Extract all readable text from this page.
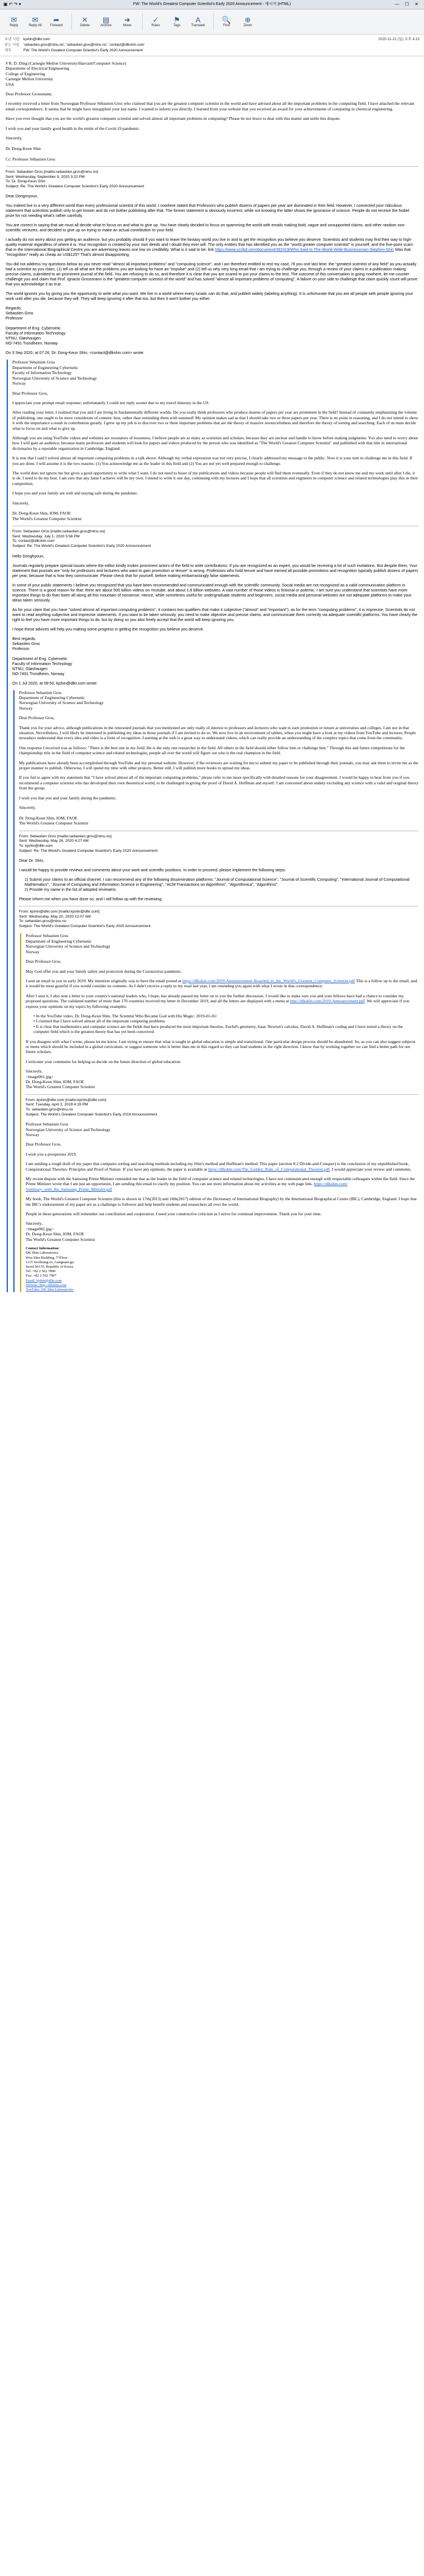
▣ ↶ ↷ ▾	FW: The World's Greatest Computer Scientist's Early 2020 Announcement - 메시지 (HTML)	— ☐ ✕
✉
Reply
✉
Reply All
➦
Forward
✕
Delete
▤
Archive
➜
Move
✓
Rules
⚑
Tags
A
Translate
🔍
Find
⊕
Zoom
보낸 사람	kjshin@dlkr.com
받는 사람	'sebastien.gros@ntnu.no'; 'sebastien.gros@ntnu.no'; 'contact@dlkshin.com'
제목	FW: The World's Greatest Computer Scientist's Early 2020 Announcement
2020-11-22 (일) 오후 4:15
# R. D. Ding (Carnegie Mellon University/Harvard/Computer Science)
Department of Electrical Engineering
College of Engineering
Carnegie Mellon University
USA

Dear Professor Grossmann,

I recently received a letter from Norwegian Professor Sébastien Gros who claimed that you are the greatest computer scientist in the world and have advised about all the important problems in the computing field. I have attached the relevant email correspondence. It seems that he might have misapplied your last name. I wanted to inform you directly. I learned from your website that you received an award for your achievements of computing in chemical engineering.

Have you ever thought that you are the world's greatest computer scientist and solved almost all important problems in computing? Please be not brave to deal with this matter and settle this dispute.

I wish you and your family good health in the midst of the Covid-19 pandemic.

Sincerely,

Dr. Dong-Keun Shin

Cc: Professor Sébastien Gros
From: Sebastien Gros [mailto:sebastien.gros@ntnu.no]
Sent: Wednesday, September 9, 2020 3:22 PM
To: Dr. Dong-Keun Shin
Subject: Re: The World's Greatest Computer Scientist's Early 2020 Announcement

Dear Dongmyoun,

You indeed live in a very different world than every professional scientist of this world. I nowhere stated that Professors who publish dozens of papers per year are dominated in their field. However, I connected your ridiculous statement that scientists publish only to get known and do not bother publishing after that. The former statement is obviously incorrect, while not knowing the latter shows the ignorance of science. People do not receive the Nobel prize for not needing what's rather carefully.

You are correct in saying that we must all decide what to focus on and what to give up. You have clearly decided to focus on spamming the world with emails making bold, vague and unsupported claims, and other random non-scientific ventures, and decided to give up on trying to make an actual contribution to your field.

I actually do not worry about you getting an audience, but you probably should if you want to leave the fantasy world you live in and to get the recognition you believe you deserve. Scientists and students may find their way to high-quality material regardless of where it is. Your recognition is created by your own deeds and I doubt they ever will. The only entities that has identified you as the "world greater computer scientist" is yourself, and the five-point scam that in the International Biographical Centre you are advertising leaves one low on credibility. What is it said to be: link https://www.scribd.com/document/392419/Who-Said-Is-The-World-Wide-Businessman-Stephen-Shin Was that "recognition" really as cheap as US$125? That's almost disappointing.

You did not address my questions below as you never read "almost all important problems" and "computing science", and I am therefore entitled to rest my case. I'll you one last time: the "greatest scientist of any field" as you actually had a scientist as you claim, (1) tell us all what are the problems you are looking for have an "impulse" and (2) tell us why very long email that I am trying to challenge you, through a review of your claims in a publication making precise claims, submitted to an prominent journal of the field. You are refusing to do so, and therefore it is clear that you are scared to put your claims to the test. The outcome of this conversation is going nowhere, let me counter-challenge you and claim that Prof. Ignacio Grossmann is the "greatest computer scientist of the world" and has solved "almost all important problems of computing". A failure on your side to challenge that claim quickly count will prove that you acknowledge it as true.

The world ignores you by giving you the opportunity to write what you want. We live in a world where every lunatic can do that, and publish widely (labeling anything). It is unfortunate that you are all people with people ignoring your work until after you die, because they will. They will keep ignoring it after that too, but then it won't bother you either.

Regards,
Sebastien Gros
Professor

Department of Eng. Cybernetic
Faculty of Information Technology
NTNU, Gløshaugen
NO-7491 Trondheim, Norway

On 3 Sep 2020, at 07:26, Dr. Dong-Keun Shin, <contact@dlkshin.com> wrote:

Professor Sebastien Gros

Department of Engineering Cybernetic
Faculty of Information Technology
Norwegian University of Science and Technology
Norway

Dear Professor Gros,

I appreciate your prompt email response; unfortunately I could not reply sooner due to my travel itinerary in the US.

After reading your letter, I realized that you and I are living in fundamentally different worlds. Do you really think professors who produce dozens of papers per year are prominent in the field? Instead of constantly emphasizing the volume of publishing, one ought to be more considerate of content: best, rather than reminding them with summed! My opinion makes sad as that I should take two or three papers per year. There is no point in reasoning, and I do not intend to show it with the importance a result in contribution greatly. I grew up my job is to discover two or three important problems that are the theory of massive resourcefulness and therefore the theory of sorting and searching. Each of us must decide what to focus on and what to give up.

Although you are using YouTube videos and websites are resonators of looseness, I believe people are as many as scientists and scholars, because they are unclear and handle to know before making judgments. You also need to worry about how I will gain an audience, because many professors and students will look for papers and videos produced by the person who was identified as "The World's Greatest Computer Scientist" and published with that title in international dictionaries by a reputable organization in Cambridge, England.

It is true that I said I solved almost all important computing problems in a talk above. Although my verbal expression was not very precise, I clearly addressed my message to the public. Now it is your turn to challenge me in this field. If you are done, I will assume it is the two reasons: (1) You acknowledge me as the leader in this field and (2) You are not yet well prepared enough to challenge.

The world does not ignore me but gives a good opportunity to write what I want. I do not need to boast of my publications and videos because people will find them eventually. Even if they do not know me and my work until after I die, it is ok. I need to do my best. I am sure that any fame I achieve will be my own. I intend to write it one day, continuing with my lectures and I hope that all scientists and engineers in computer science and related technologies play this in their competition.

I hope you and your family are well and staying safe during the pandemic.

Sincerely,

Dr. Dong-Keun Shin, IOM, FAOE
The World's Greatest Computer Scientist
From: Sebastien Gros [mailto:sebastien.gros@ntnu.no]
Sent: Wednesday, July 1, 2020 5:56 PM
To: contact@dlkshin.com
Subject: Re: The World's Greatest Computer Scientist's Early 2020 Announcement

Hello Donghyoun,

Journals regularly prepare special issues where the editor kindly invites prominent actors of the field to write contributions. If you are recognized as an expert, you would be receiving a lot of such invitations. But despite them, Your statement that journals are "only for professors and lecturers who want to gain promotion or tenure" is wrong. Professors who hold tenure and have earned all possible promotions and recognition typically publish dozens of papers per year, because that is how they communicate. Please check that for yourself, before making embarrassingly false statements.

In some of your public statements I believe you recognized that you have been recommended and communicated enough with the scientific community. Social media are not recognized as a valid communication platform in science. There is a good reason for that: there are about 500 billion videos on Youtube, and about 1.8 billion websites. A vast number of those videos is fictional or polemic. I am sure you understand that scientists have more important things to do than listen all along all this mountain of nonsense. Hence, while sometimes useful for undergraduate students and beginners, social media and personal websites are not adequate platforms to make your ideas taken seriously.

As for your claim that you have "solved almost all important computing problems", it contains two qualifiers that make it subjective ("almost" and "important"), as for the term "computing problems", it is imprecise. Scientists do not want to read anything subjective and imprecise statements. If you want to be taken seriously, you need to make objective and precise claims, and communicate them correctly via adequate scientific platforms. You have clearly the right to feel you have more important things to do, but by doing so you also freely accept that the world will keep ignoring you.

I hope these advices will help you making some progress in getting the recognition you believe you deserve.

Best regards,
Sebastien Gros
Professor

Department of Eng. Cybernetic
Faculty of Information Technology
NTNU, Gløshaugen
NO-7491 Trondheim, Norway

On 1 Jul 2020, at 09:50, kjshin@dlkr.com wrote:

Professor Sebastien Gros

Department of Engineering Cybernetic
Norwegian University of Science and Technology
Norway

Dear Professor Gros,

Thank you for your advice, although publications in the renowned journals that you mentioned are only really of interest to professors and lecturers who want to earn promotion or tenure at universities and colleges. I am not in that situation. Nevertheless, I will likely be interested in publishing my ideas in those journals if I am invited to do so. We now live in an environment of tablets, when you might have a look at my videos from YouTube and lectures. People nowadays understand that every idea and video is a form of recognition. Learning at the web is a great way to understand videos, which can really provide an understanding of the complex topics that come from the community.

One response I received was as follows: "There is the best one in my field. He is the only one researcher in the field. All others in the field should either follow him or challenge him." Through this and future competitions for the championship title in the field of computer science and related technologies, people all over the world will figure out who is the real champion in the field.

My publications have already been accomplished through YouTube and my personal website. However, if the reviewers are waiting for me to submit my paper to be published through their journals, you may ask them to invite me as the proper manner to publish. Otherwise, I will spend my time with other projects. Better still, I will publish more books to spread my ideas.

If you fail to agree with my statement that "I have solved almost all of the important computing problems," please refer to me more specifically with detailed reasons for your disagreement. I would be happy to hear from you if you recommend a computer scientist who has developed their own theoretical world, to be challenged in giving the proof of David A. Huffman and myself. I am concerned about unduly excluding any science with a valid and original theory from the group.

I wish you that you and your family during the pandemic.

Sincerely,

Dr. Dong-Keun Shin, IOM, FAOE
The World's Greatest Computer Scientist
From: Sebastien Gros [mailto:sebastien.gros@ntnu.no]
Sent: Wednesday, May 26, 2020 4:27 AM
To: kjshin@dlkr.com
Subject: Re: The World's Greatest Computer Scientist's Early 2020 Announcement

Dear Dr. Shin,

I would be happy to provide reviews and comments about your work and scientific positions. In order to proceed, please implement the following steps:

1) Submit your claims to an official channel. I can recommend any of the following dissemination platforms: "Journal of Computational Science", "Journal of Scientific Computing", "International Journal of Computational Mathematics", "Journal of Computing and Information Science in Engineering", "ACM Transactions on Algorithms", "Algorithmica", "Algorithms".
2) Provide my name in the list of adopted reviewers.

Please inform me when you have done so, and I will follow up with the reviewing.

From: kjshin@dlkr.com [mailto:kjshin@dlkr.com]
Sent: Wednesday, May 20, 2020 12:07 AM
To: sebastien.gros@ntnu.no
Subject: The World's Greatest Computer Scientist's Early 2020 Announcement

Professor Sebastien Gros

Department of Engineering Cybernetic
Norwegian University of Science and Technology
Norway

Dear Professor Gros,

May God offer you and your family safety and protection during the Coronavirus pandemic.

I sent an email to you in early 2019. My intention originally was to have the email posted at https://dlkshin.com/2019-Announcement-Awarded_to_the_World's_Greatest_Computer_Scientist.pdf This is a follow up to the email, and it would be most grateful if you would consider its contents. As I didn't receive a reply to my mail last year, I am resending you again with what I wrote in that correspondence.

After I sent it, I also sent a letter to your country's national leaders who, I hope, has already passed my letter on to you the further discussion. I would like to make sure you and your fellows have had a chance to consider my proposed questions. The validated number of more than 170 countries received my letter in December 2019, and all the letters are displayed with a menu at http://dlkshin.com/2019-Announcement.pdf. We will appreciate if you express your opinions on my topics by following examples:

• In the YouTube video, Dr. Dong-Keun Shin, The Scientist Who Became God with His Magic: 2019-01-01/
• I claimed that I have solved almost all of the important computing problems
• It is clear that mathematics and computer science are the fields that have produced the most important theories. Euclid's geometry, Isaac Newton's calculus, David A. Huffman's coding and I have tested a theory on the computer field which is the greatest theory that has yet been conceived.

If you disagree with what I wrote, please let me know. I am trying to ensure that what is taught in global education is simple and transitional. One particular design process should be abandoned. So, as you can also suggest subjects or items which should be included in a global curriculum, or suggest someone who is better than me in this regard so they can lead students in the right direction. I know that by working together we can find a better path for our future scholars.

I welcome your comments for helping us decide on the future direction of global education.

Sincerely,
<image001.jpg>
Dr. Dong-Keun Shin, IOM, FAOE
The World's Greatest Computer Scientist
From: kjshin@dlkr.com [mailto:kjshin@dlkr.com]
Sent: Tuesday, April 2, 2019 4:19 PM
To: sebastien.gros@ntnu.no
Subject: The World's Greatest Computer Scientist's Early 2019 Announcement

Professor Sebastien Gros

Norwegian University of Science and Technology
Norway

Dear Professor Gros,

I wish you a prosperous 2019.

I am sending a rough draft of my paper that compares sorting and searching methods including my Shin's method and Huffman's method. This paper (section 8.2 Divide-and-Conquer) is the conclusion of my unpublished book, Computational Theories: Principles and Proof of Nature. If you have any opinions, the paper is available at https://dlkshin.com/The_Golden_Rule_of_Computational_Theories.pdf. I would appreciate your review and comments.

My recent dispute with the Samsung Prime Minister reminded me that as the leader in the field of computer science and related technologies, I have not communicated enough with respectable colleagues within the field. Since the Prime Minister wrote that I am just an opportunist, I am sending this email to clarify my position. You can see more information about my activities at my web page link. https://dlkshin.com/ Summary_with_the_Samsung_Prime_Minister.pdf

My book, The World's Greatest Computer Scientist (this is shown in 17th(2013) and 18th(2017) edition of the Dictionary of International Biography) by the International Biographical Centre (IBC), Cambridge, England. I hope that the IBC's endorsement of my paper are as a challenge to follower and help benefit students and researchers all over the world.

People in these generations will remember our conciliation and cooperation. I need your constructive criticism as I strive for continual improvement. Thank you for your time.

Sincerely,
<image002.jpg>
Dr. Dong-Keun Shin, IOM, FAOE
The World's Greatest Computer Scientist
Contact Information:
DK Shin Laboratories
Woo Shin Building, 7ᵗʰFloor
1115 Seolleung-ro, Gangnam-gu
Seoul 06135, Republic of Korea
Tel: +82 2 562 7890
Fax: +82 2 562 7907
Email: kjshin@dlkr.com
Website: http://dlkshin.com
YouTube: DK Shin Laboratories
